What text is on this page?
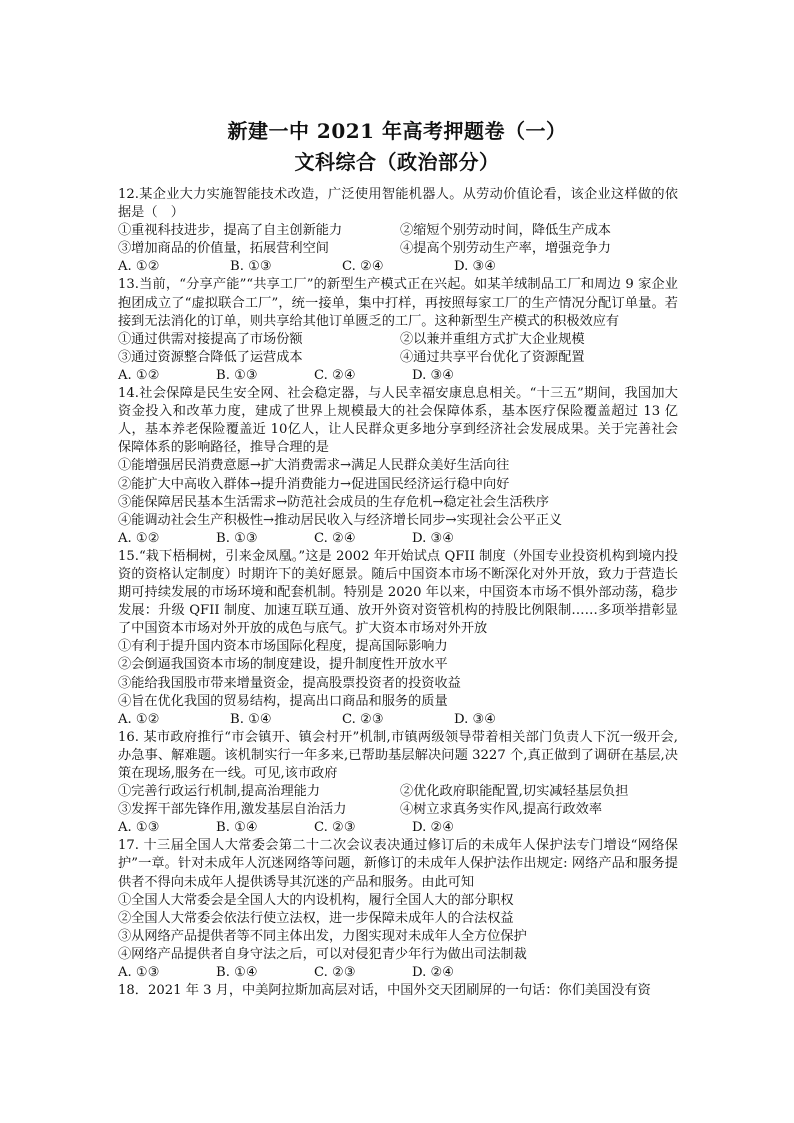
新建一中 2021 年高考押题卷（一）
文科综合（政治部分）

12.某企业大力实施智能技术改造，广泛使用智能机器人。从劳动价值论看，该企业这样做的依据是（　）

①重视科技进步，提高了自主创新能力	②缩短个别劳动时间，降低生产成本
③增加商品的价值量，拓展营利空间	④提高个别劳动生产率，增强竞争力
A. ①②	B. ①③	C. ②④	D. ③④

13.当前，“分享产能”“共享工厂”的新型生产模式正在兴起。如某羊绒制品工厂和周边 9 家企业抱团成立了“虚拟联合工厂”，统一接单，集中打样，再按照每家工厂的生产情况分配订单量。若接到无法消化的订单，则共享给其他订单匮乏的工厂。这种新型生产模式的积极效应有

①通过供需对接提高了市场份额	②以兼并重组方式扩大企业规模
③通过资源整合降低了运营成本	④通过共享平台优化了资源配置
A. ①②	B. ①③	C. ②④	D. ③④

14.社会保障是民生安全网、社会稳定器，与人民幸福安康息息相关。“十三五”期间，我国加大资金投入和改革力度，建成了世界上规模最大的社会保障体系，基本医疗保险覆盖超过 13 亿人，基本养老保险覆盖近 10亿人，让人民群众更多地分享到经济社会发展成果。关于完善社会保障体系的影响路径，推导合理的是

①能增强居民消费意愿→扩大消费需求→满足人民群众美好生活向往
②能扩大中高收入群体→提升消费能力→促进国民经济运行稳中向好
③能保障居民基本生活需求→防范社会成员的生存危机→稳定社会生活秩序
④能调动社会生产积极性→推动居民收入与经济增长同步→实现社会公平正义
A. ①②	B. ①③	C. ②④	D. ③④

15.“栽下梧桐树，引来金凤凰。”这是 2002 年开始试点 QFII 制度（外国专业投资机构到境内投资的资格认定制度）时期许下的美好愿景。随后中国资本市场不断深化对外开放，致力于营造长期可持续发展的市场环境和配套机制。特别是 2020 年以来，中国资本市场不惧外部动荡，稳步发展：升级 QFII 制度、加速互联互通、放开外资对资管机构的持股比例限制……多项举措彰显了中国资本市场对外开放的成色与底气。扩大资本市场对外开放

①有利于提升国内资本市场国际化程度，提高国际影响力
②会倒逼我国资本市场的制度建设，提升制度性开放水平
③能给我国股市带来增量资金，提高股票投资者的投资收益
④旨在优化我国的贸易结构，提高出口商品和服务的质量
A. ①②	B. ①④	C. ②③	D. ③④

16. 某市政府推行“市会镇开、镇会村开”机制,市镇两级领导带着相关部门负责人下沉一级开会,办急事、解难题。该机制实行一年多来,已帮助基层解决问题 3227 个,真正做到了调研在基层,决策在现场,服务在一线。可见,该市政府

①完善行政运行机制,提高治理能力	②优化政府职能配置,切实减轻基层负担
③发挥干部先锋作用,激发基层自治活力	④树立求真务实作风,提高行政效率
A. ①③	B. ①④	C. ②③	D. ②④

17. 十三届全国人大常委会第二十二次会议表决通过修订后的未成年人保护法专门增设“网络保护”一章。针对未成年人沉迷网络等问题，新修订的未成年人保护法作出规定: 网络产品和服务提供者不得向未成年人提供诱导其沉迷的产品和服务。由此可知

①全国人大常委会是全国人大的内设机构，履行全国人大的部分职权
②全国人大常委会依法行使立法权，进一步保障未成年人的合法权益
③从网络产品提供者等不同主体出发，力图实现对未成年人全方位保护
④网络产品提供者自身守法之后，可以对侵犯青少年行为做出司法制裁
A. ①③	B. ①④	C. ②③	D. ②④

18．2021 年 3 月，中美阿拉斯加高层对话，中国外交天团刷屏的一句话：你们美国没有资
